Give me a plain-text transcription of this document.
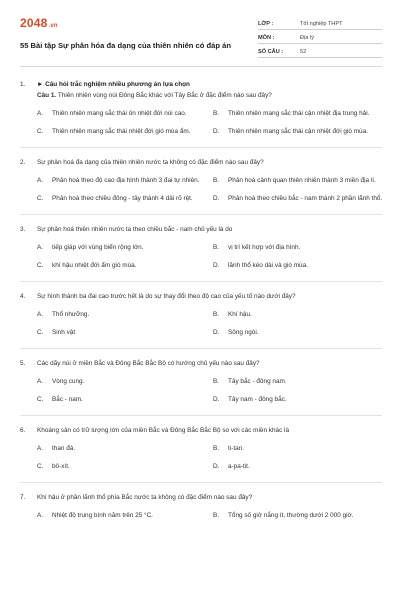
2048.vn
55 Bài tập Sự phân hóa đa dạng của thiên nhiên có đáp án
LỚP :	Tốt nghiệp THPT
MÔN :	Địa lý
SỐ CÂU :	52
1.	► Câu hỏi trắc nghiệm nhiều phương án lựa chọn
Câu 1. Thiên nhiên vùng núi Đông Bắc khác với Tây Bắc ở đặc điểm nào sau đây?
A.	Thiên nhiên mang sắc thái ôn nhiệt đới núi cao.	B.	Thiên nhiên mang sắc thái cận nhiệt địa trung hải.
C.	Thiên nhiên mang sắc thái nhiệt đới gió mùa ẩm.	D.	Thiên nhiên mang sắc thái cận nhiệt đới gió mùa.
2.	Sự phân hoá đa dạng của thiên nhiên nước ta không có đặc điểm nào sau đây?
A.	Phân hoá theo độ cao địa hình thành 3 đai tự nhiên.	B.	Phân hoá cảnh quan thiên nhiên thành 3 miền địa lí.
C.	Phân hoá theo chiều đông - tây thành 4 dải rõ rệt.	D.	Phân hoá theo chiều bắc - nam thành 2 phần lãnh thổ.
3.	Sự phân hoá thiên nhiên nước ta theo chiều bắc - nam chủ yếu là do
A.	tiếp giáp với vùng biển rộng lớn.	B.	vị trí kết hợp với địa hình.
C.	khí hậu nhiệt đới ẩm gió mùa.	D.	lãnh thổ kéo dài và gió mùa.
4.	Sự hình thành ba đai cao trước hết là do sự thay đổi theo độ cao của yếu tố nào dưới đây?
A.	Thổ nhưỡng.	B.	Khí hậu.
C.	Sinh vật	D.	Sông ngòi.
5.	Các dãy núi ở miền Bắc và Đông Bắc Bắc Bộ có hướng chủ yếu nào sau đây?
A.	Vòng cung.	B.	Tây bắc - đông nam.
C.	Bắc - nam.	D.	Tây nam - đông bắc.
6.	Khoáng sản có trữ lượng lớn của miền Bắc và Đông Bắc Bắc Bộ so với các miền khác là
A.	than đá.	B.	ti-tan.
C.	bô-xít.	D.	a-pa-tit.
7.	Khí hậu ở phần lãnh thổ phía Bắc nước ta không có đặc điểm nào sau đây?
A.	Nhiệt độ trung bình năm trên 25 °C.	B.	Tổng số giờ nắng ít, thường dưới 2 000 giờ.
